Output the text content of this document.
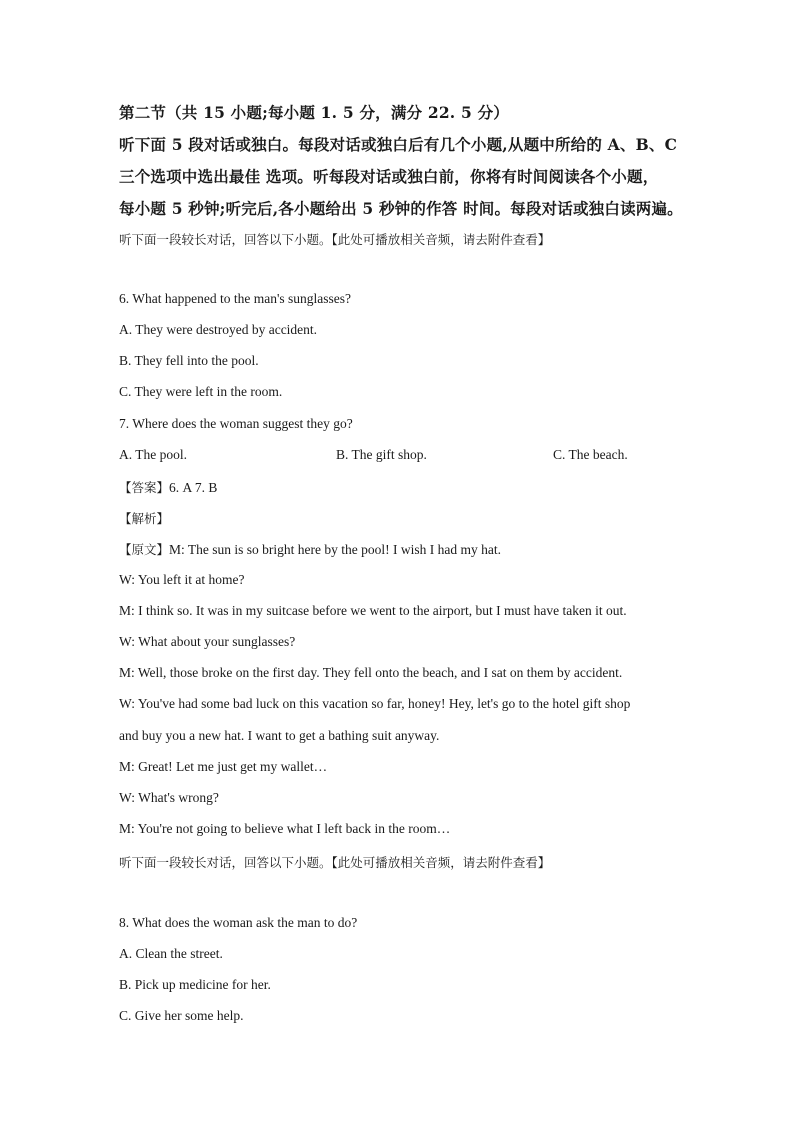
第二节（共 15 小题;每小题 1. 5 分，满分 22. 5 分）
听下面 5 段对话或独白。每段对话或独白后有几个小题,从题中所给的 A、B、C
三个选项中选出最佳 选项。听每段对话或独白前，你将有时间阅读各个小题，
每小题 5 秒钟;听完后,各小题给出 5 秒钟的作答 时间。每段对话或独白读两遍。
听下面一段较长对话，回答以下小题。【此处可播放相关音频，请去附件查看】
6. What happened to the man's sunglasses?
A. They were destroyed by accident.
B. They fell into the pool.
C. They were left in the room.
7. Where does the woman suggest they go?
A. The pool.	B. The gift shop.	C. The beach.
【答案】6. A 7. B
【解析】
【原文】M: The sun is so bright here by the pool! I wish I had my hat.
W: You left it at home?
M: I think so. It was in my suitcase before we went to the airport, but I must have taken it out.
W: What about your sunglasses?
M: Well, those broke on the first day. They fell onto the beach, and I sat on them by accident.
W: You've had some bad luck on this vacation so far, honey! Hey, let's go to the hotel gift shop
and buy you a new hat. I want to get a bathing suit anyway.
M: Great! Let me just get my wallet…
W: What's wrong?
M: You're not going to believe what I left back in the room…
听下面一段较长对话，回答以下小题。【此处可播放相关音频，请去附件查看】
8. What does the woman ask the man to do?
A. Clean the street.
B. Pick up medicine for her.
C. Give her some help.
